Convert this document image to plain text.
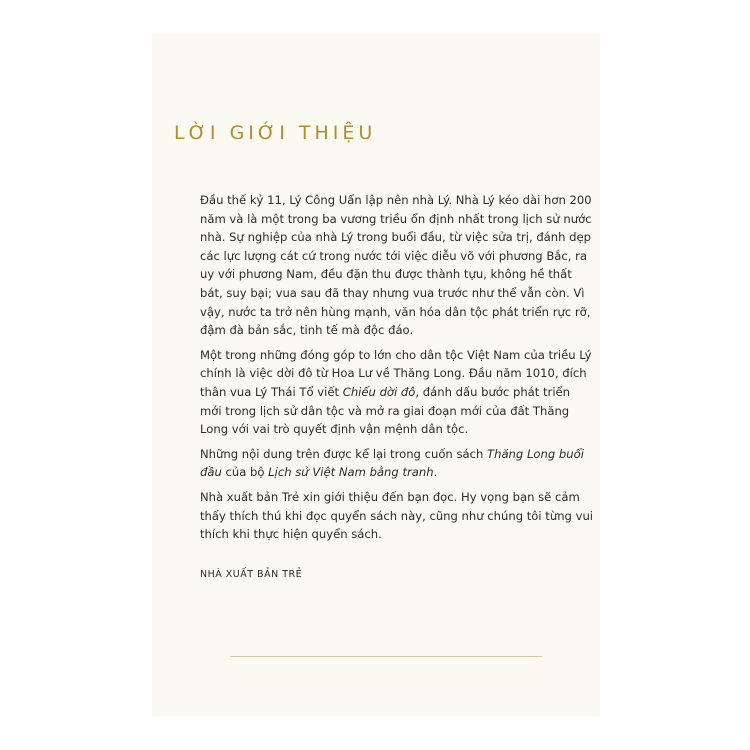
LỜI GIỚI THIỆU

Đầu thế kỷ 11, Lý Công Uẩn lập nên nhà Lý. Nhà Lý kéo dài hơn 200 năm và là một trong ba vương triều ổn định nhất trong lịch sử nước nhà. Sự nghiệp của nhà Lý trong buổi đầu, từ việc sửa trị, đánh dẹp các lực lượng cát cứ trong nước tới việc diễu võ với phương Bắc, ra uy với phương Nam, đều đặn thu được thành tựu, không hề thất bát, suy bại; vua sau đã thay nhưng vua trước như thể vẫn còn. Vì vậy, nước ta trở nên hùng mạnh, văn hóa dân tộc phát triển rực rỡ, đậm đà bản sắc, tinh tế mà độc đáo.

Một trong những đóng góp to lớn cho dân tộc Việt Nam của triều Lý chính là việc dời đô từ Hoa Lư về Thăng Long. Đầu năm 1010, đích thân vua Lý Thái Tổ viết Chiếu dời đô, đánh dấu bước phát triển mới trong lịch sử dân tộc và mở ra giai đoạn mới của đất Thăng Long với vai trò quyết định vận mệnh dân tộc.

Những nội dung trên được kể lại trong cuốn sách Thăng Long buổi đầu của bộ Lịch sử Việt Nam bằng tranh.

Nhà xuất bản Trẻ xin giới thiệu đến bạn đọc. Hy vọng bạn sẽ cảm thấy thích thú khi đọc quyển sách này, cũng như chúng tôi từng vui thích khi thực hiện quyển sách.

NHÀ XUẤT BẢN TRẺ
